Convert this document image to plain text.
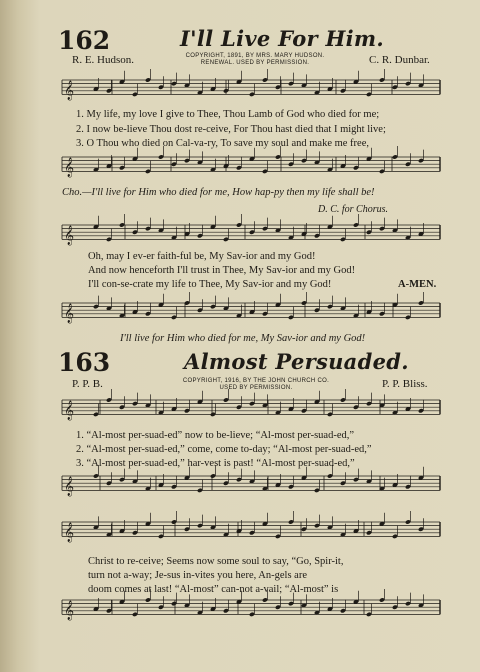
𝄞
𝄞
𝄞
𝄞
𝄞
𝄞
𝄞
𝄞
162	I'll Live For Him.
COPYRIGHT, 1891, BY MRS. MARY HUDSON.
RENEWAL. USED BY PERMISSION.
R. E. Hudson.	C. R. Dunbar.
1. My life, my love I give to Thee, Thou Lamb of God who died for me;
2. I now be-lieve Thou dost re-ceive, For Thou hast died that I might live;
3. O Thou who died on Cal-va-ry, To save my soul and make me free,
Cho.—I'll live for Him who died for me, How hap-py then my life shall be!
D. C. for Chorus.
Oh, may I ev-er faith-ful be, My Sav-ior and my God!
And now henceforth I'll trust in Thee, My Sav-ior and my God!
I'll con-se-crate my life to Thee, My Sav-ior and my God!	A-MEN.
I'll live for Him who died for me, My Sav-ior and my God!
163	Almost Persuaded.
COPYRIGHT, 1916, BY THE JOHN CHURCH CO.
USED BY PERMISSION.
P. P. B.	P. P. Bliss.
1. “Al-most per-suad-ed” now to be-lieve; “Al-most per-suad-ed,”
2. “Al-most per-suad-ed,” come, come to-day; “Al-most per-suad-ed,”
3. “Al-most per-suad-ed,” har-vest is past! “Al-most per-suad-ed,”
Christ to re-ceive; Seems now some soul to say, “Go, Spir-it,
turn not a-way; Je-sus in-vites you here, An-gels are
doom comes at last! “Al-most” can-not a-vail; “Al-most” is
